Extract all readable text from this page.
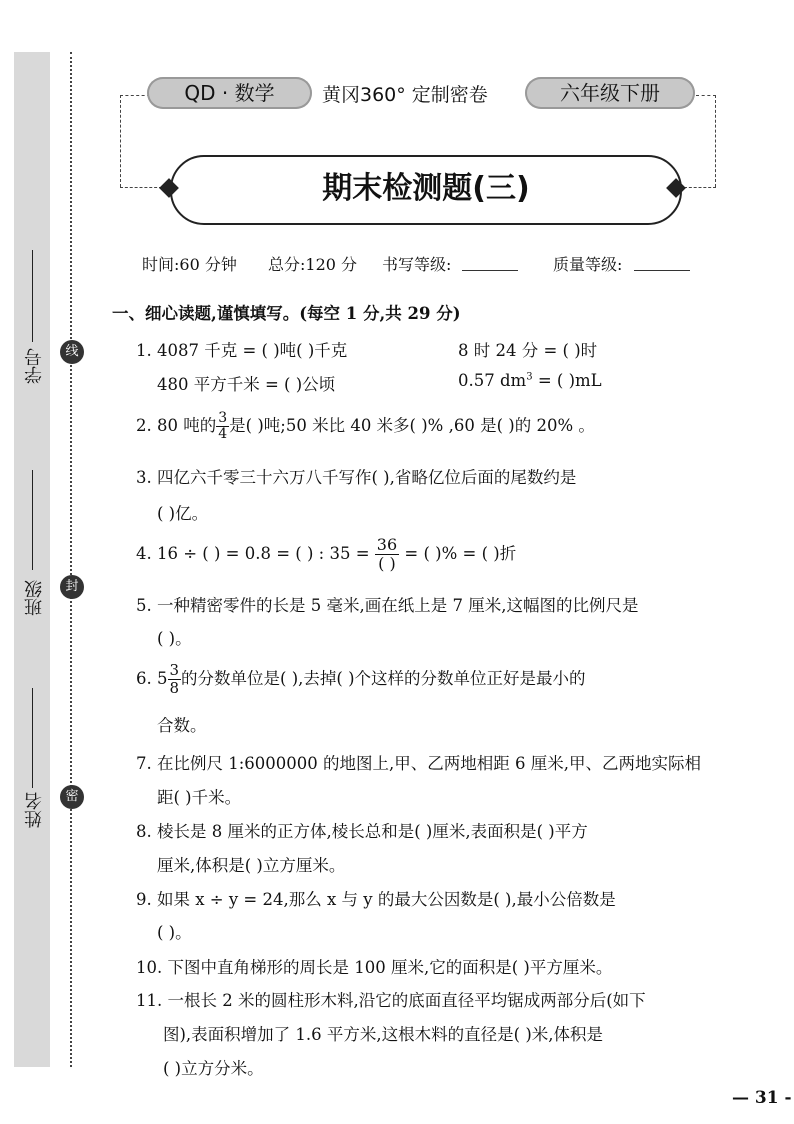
学号
班级
姓名
线
封
密
QD · 数学	黄冈360° 定制密卷	六年级下册
期末检测题(三)
时间:60 分钟 总分:120 分 书写等级:	质量等级:
一、细心读题,谨慎填写。(每空 1 分,共 29 分)
1. 4087 千克 = ( )吨( )千克	8 时 24 分 = ( )时
480 平方千米 = ( )公顷	0.57 $dm^3$ = ( )mL
2. 80 吨的 $\frac{3}{4}$ 是( )吨;50 米比 40 米多( )% ,60 是( )的 20% 。
3. 四亿六千零三十六万八千写作( ),省略亿位后面的尾数约是
( )亿。
4. 16 ÷ ( ) = 0.8 = ( ) : $35 = \frac{36}{( )}$ = ( )% = ( )折
5. 一种精密零件的长是 5 毫米,画在纸上是 7 厘米,这幅图的比例尺是
( )。
6. $5 \frac{3}{8}$ 的分数单位是( ),去掉( )个这样的分数单位正好是最小的
合数。
7. 在比例尺 1:6000000 的地图上,甲、乙两地相距 6 厘米,甲、乙两地实际相
距( )千米。
8. 棱长是 8 厘米的正方体,棱长总和是( )厘米,表面积是( )平方
厘米,体积是( )立方厘米。
9. 如果 x ÷ y = 24,那么 x 与 y 的最大公因数是( ),最小公倍数是
( )。
10. 下图中直角梯形的周长是 100 厘米,它的面积是( )平方厘米。
11. 一根长 2 米的圆柱形木料,沿它的底面直径平均锯成两部分后(如下
图),表面积增加了 1.6 平方米,这根木料的直径是( )米,体积是
( )立方分米。
— 31 -
